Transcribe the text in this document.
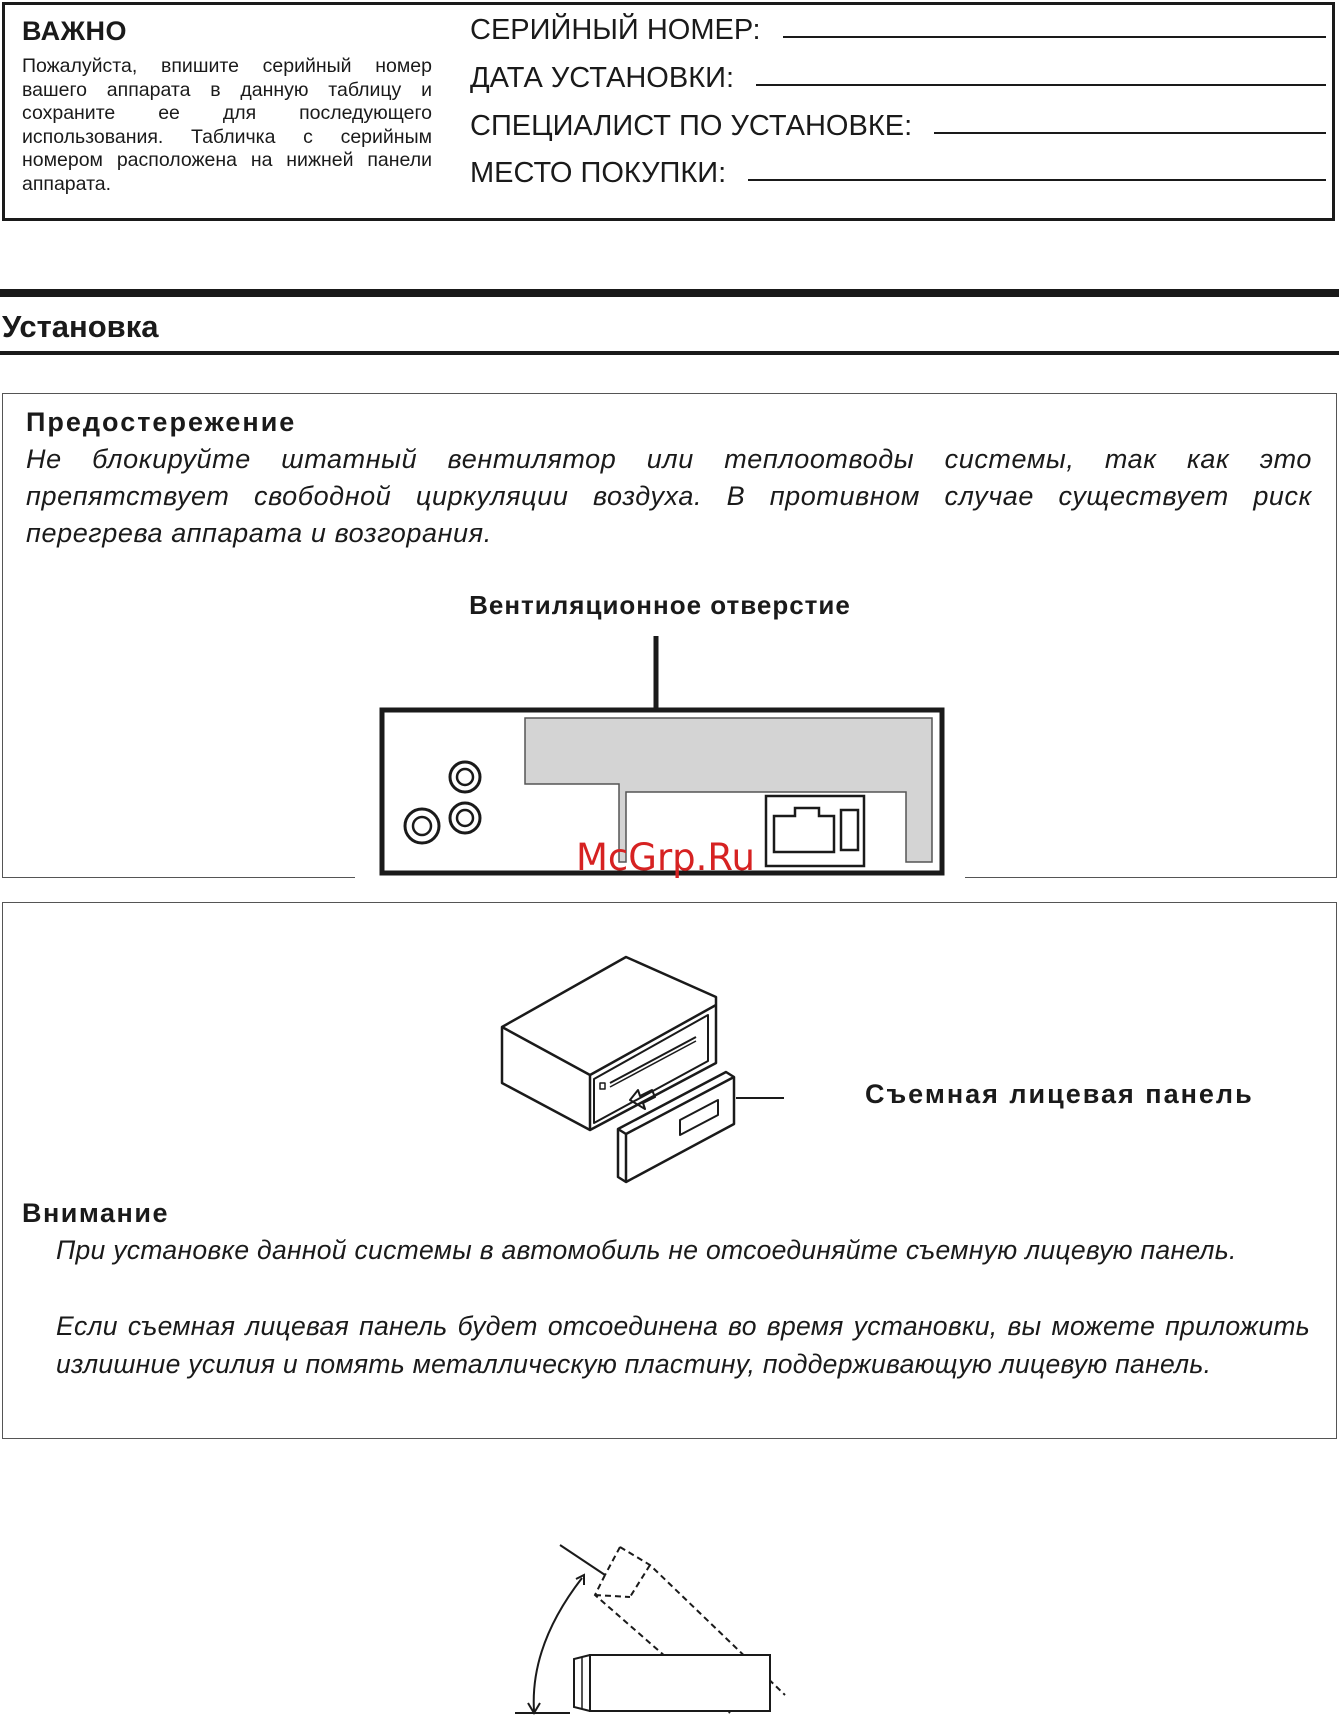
ВАЖНО
Пожалуйста, впишите серийный номер вашего аппарата в данную таблицу и сохраните ее для последующего использования. Табличка с серийным номером расположена на нижней панели аппарата.
СЕРИЙНЫЙ НОМЕР:
ДАТА УСТАНОВКИ:
СПЕЦИАЛИСТ ПО УСТАНОВКЕ:
МЕСТО ПОКУПКИ:
Установка
Предостережение
Не блокируйте штатный вентилятор или теплоотводы системы, так как это препятствует свободной циркуляции воздуха. В противном случае существует риск перегрева аппарата и возгорания.
Вентиляционное отверстие
McGrp.Ru
Съемная лицевая панель
Внимание
При установке данной системы в автомобиль не отсоединяйте съемную лицевую панель.
Если съемная лицевая панель будет отсоединена во время установки, вы можете приложить излишние усилия и помять металлическую пластину, поддерживающую лицевую панель.
